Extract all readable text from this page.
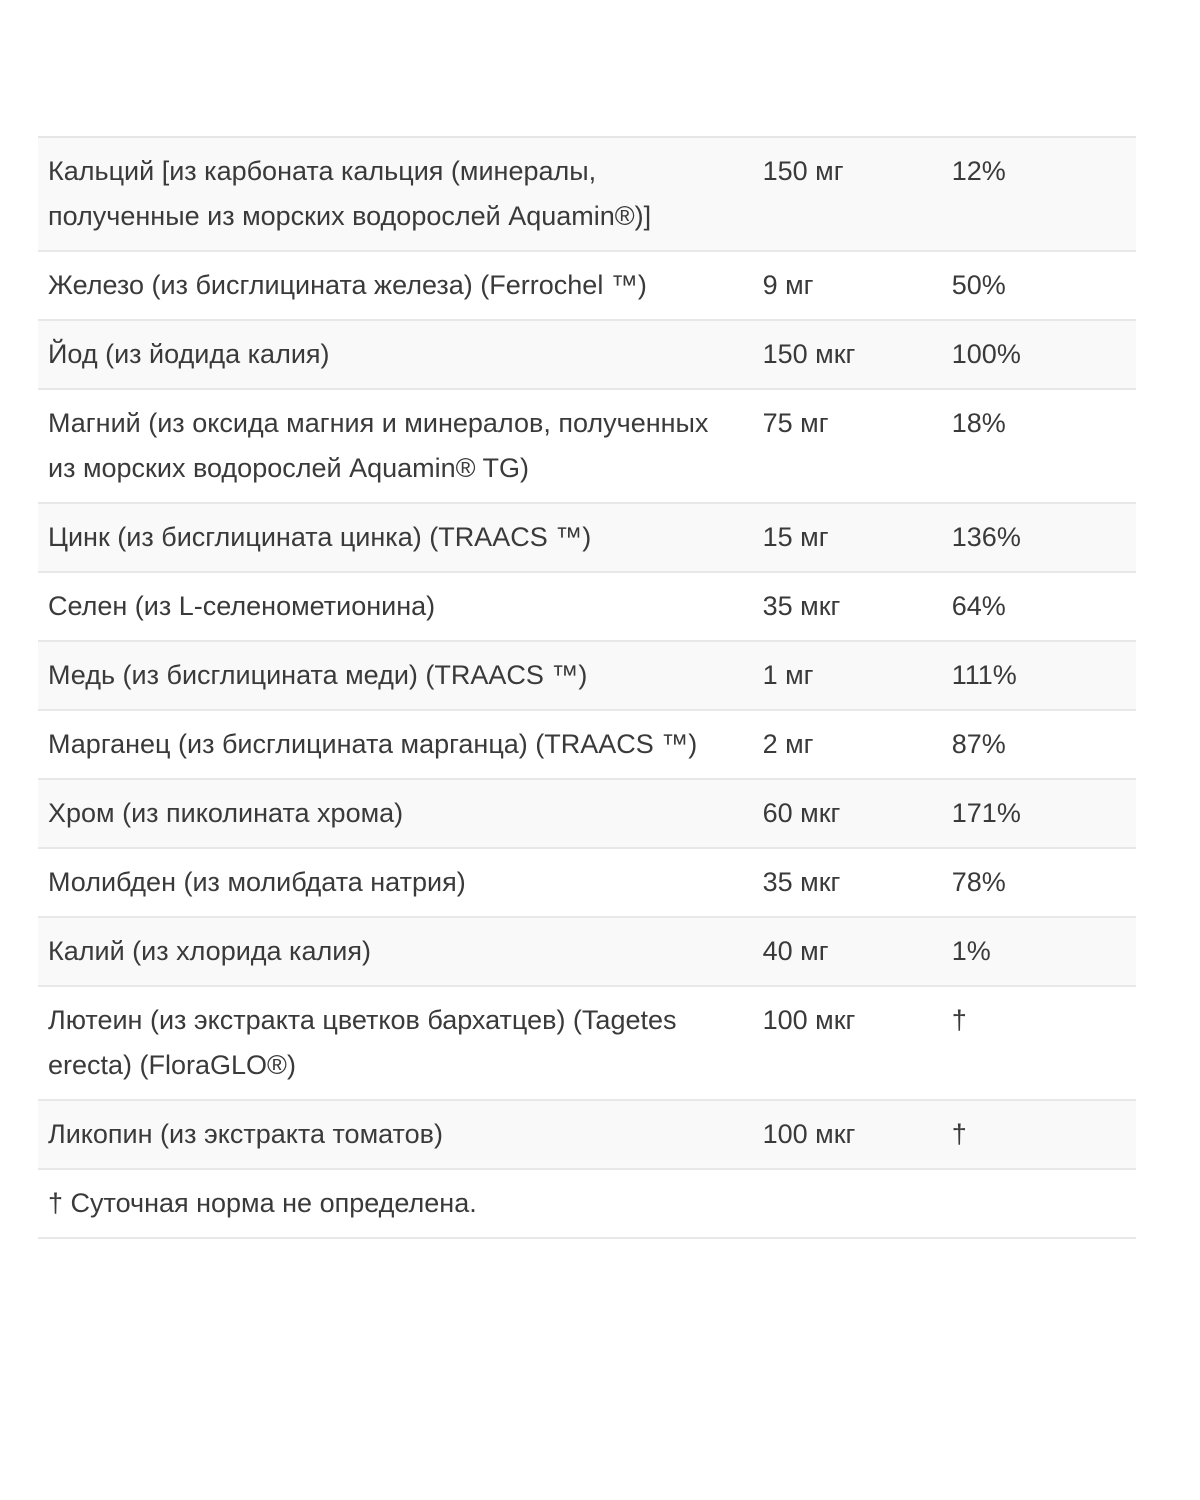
Кальций [из карбоната кальция (минералы, полученные из морских водорослей Aquamin®)]	150 мг	12%
Железо (из бисглицината железа) (Ferrochel ™)	9 мг	50%
Йод (из йодида калия)	150 мкг	100%
Магний (из оксида магния и минералов, полученных из морских водорослей Aquamin® TG)	75 мг	18%
Цинк (из бисглицината цинка) (TRAACS ™)	15 мг	136%
Селен (из L-селенометионина)	35 мкг	64%
Медь (из бисглицината меди) (TRAACS ™)	1 мг	111%
Марганец (из бисглицината марганца) (TRAACS ™)	2 мг	87%
Хром (из пиколината хрома)	60 мкг	171%
Молибден (из молибдата натрия)	35 мкг	78%
Калий (из хлорида калия)	40 мг	1%
Лютеин (из экстракта цветков бархатцев) (Tagetes erecta) (FloraGLO®)	100 мкг	†
Ликопин (из экстракта томатов)	100 мкг	†
† Суточная норма не определена.		
